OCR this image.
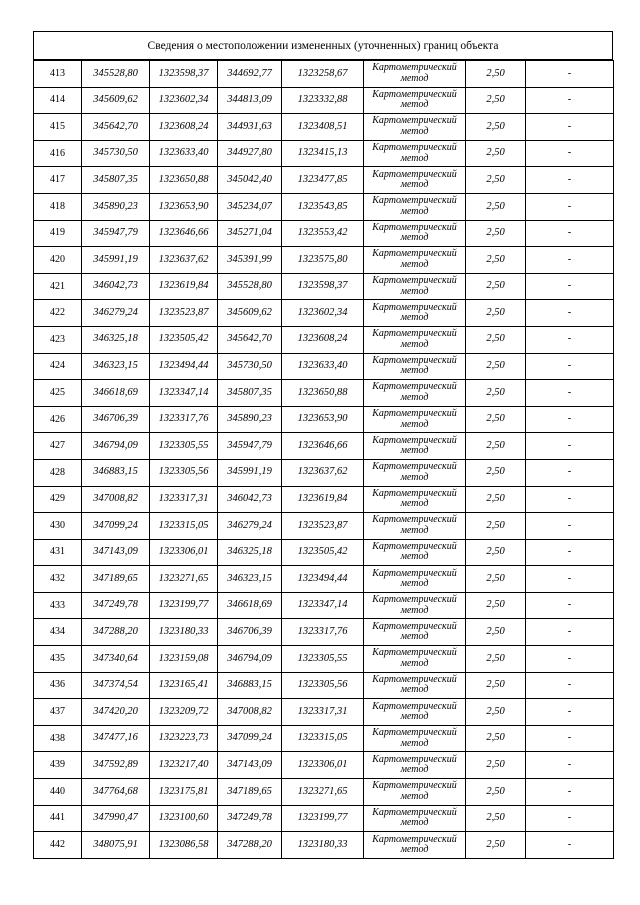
Сведения о местоположении измененных (уточненных) границ объекта
413	345528,80	1323598,37	344692,77	1323258,67	Картометрический метод	2,50	-
414	345609,62	1323602,34	344813,09	1323332,88	Картометрический метод	2,50	-
415	345642,70	1323608,24	344931,63	1323408,51	Картометрический метод	2,50	-
416	345730,50	1323633,40	344927,80	1323415,13	Картометрический метод	2,50	-
417	345807,35	1323650,88	345042,40	1323477,85	Картометрический метод	2,50	-
418	345890,23	1323653,90	345234,07	1323543,85	Картометрический метод	2,50	-
419	345947,79	1323646,66	345271,04	1323553,42	Картометрический метод	2,50	-
420	345991,19	1323637,62	345391,99	1323575,80	Картометрический метод	2,50	-
421	346042,73	1323619,84	345528,80	1323598,37	Картометрический метод	2,50	-
422	346279,24	1323523,87	345609,62	1323602,34	Картометрический метод	2,50	-
423	346325,18	1323505,42	345642,70	1323608,24	Картометрический метод	2,50	-
424	346323,15	1323494,44	345730,50	1323633,40	Картометрический метод	2,50	-
425	346618,69	1323347,14	345807,35	1323650,88	Картометрический метод	2,50	-
426	346706,39	1323317,76	345890,23	1323653,90	Картометрический метод	2,50	-
427	346794,09	1323305,55	345947,79	1323646,66	Картометрический метод	2,50	-
428	346883,15	1323305,56	345991,19	1323637,62	Картометрический метод	2,50	-
429	347008,82	1323317,31	346042,73	1323619,84	Картометрический метод	2,50	-
430	347099,24	1323315,05	346279,24	1323523,87	Картометрический метод	2,50	-
431	347143,09	1323306,01	346325,18	1323505,42	Картометрический метод	2,50	-
432	347189,65	1323271,65	346323,15	1323494,44	Картометрический метод	2,50	-
433	347249,78	1323199,77	346618,69	1323347,14	Картометрический метод	2,50	-
434	347288,20	1323180,33	346706,39	1323317,76	Картометрический метод	2,50	-
435	347340,64	1323159,08	346794,09	1323305,55	Картометрический метод	2,50	-
436	347374,54	1323165,41	346883,15	1323305,56	Картометрический метод	2,50	-
437	347420,20	1323209,72	347008,82	1323317,31	Картометрический метод	2,50	-
438	347477,16	1323223,73	347099,24	1323315,05	Картометрический метод	2,50	-
439	347592,89	1323217,40	347143,09	1323306,01	Картометрический метод	2,50	-
440	347764,68	1323175,81	347189,65	1323271,65	Картометрический метод	2,50	-
441	347990,47	1323100,60	347249,78	1323199,77	Картометрический метод	2,50	-
442	348075,91	1323086,58	347288,20	1323180,33	Картометрический метод	2,50	-
